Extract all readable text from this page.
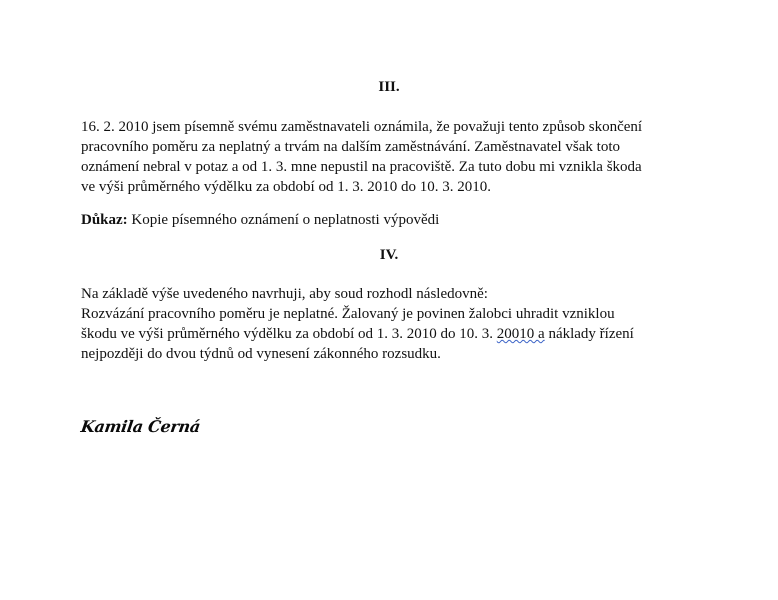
III.
16. 2. 2010 jsem písemně svému zaměstnavateli oznámila, že považuji tento způsob skončení
pracovního poměru za neplatný a trvám na dalším zaměstnávání. Zaměstnavatel však toto
oznámení nebral v potaz a od 1. 3. mne nepustil na pracoviště. Za tuto dobu mi vznikla škoda
ve výši průměrného výdělku za období od 1. 3. 2010 do 10. 3. 2010.
Důkaz: Kopie písemného oznámení o neplatnosti výpovědi
IV.
Na základě výše uvedeného navrhuji, aby soud rozhodl následovně:
Rozvázání pracovního poměru je neplatné. Žalovaný je povinen žalobci uhradit vzniklou
škodu ve výši průměrného výdělku za období od 1. 3. 2010 do 10. 3. 20010 a náklady řízení
nejpozději do dvou týdnů od vynesení zákonného rozsudku.
Kamila Černá
